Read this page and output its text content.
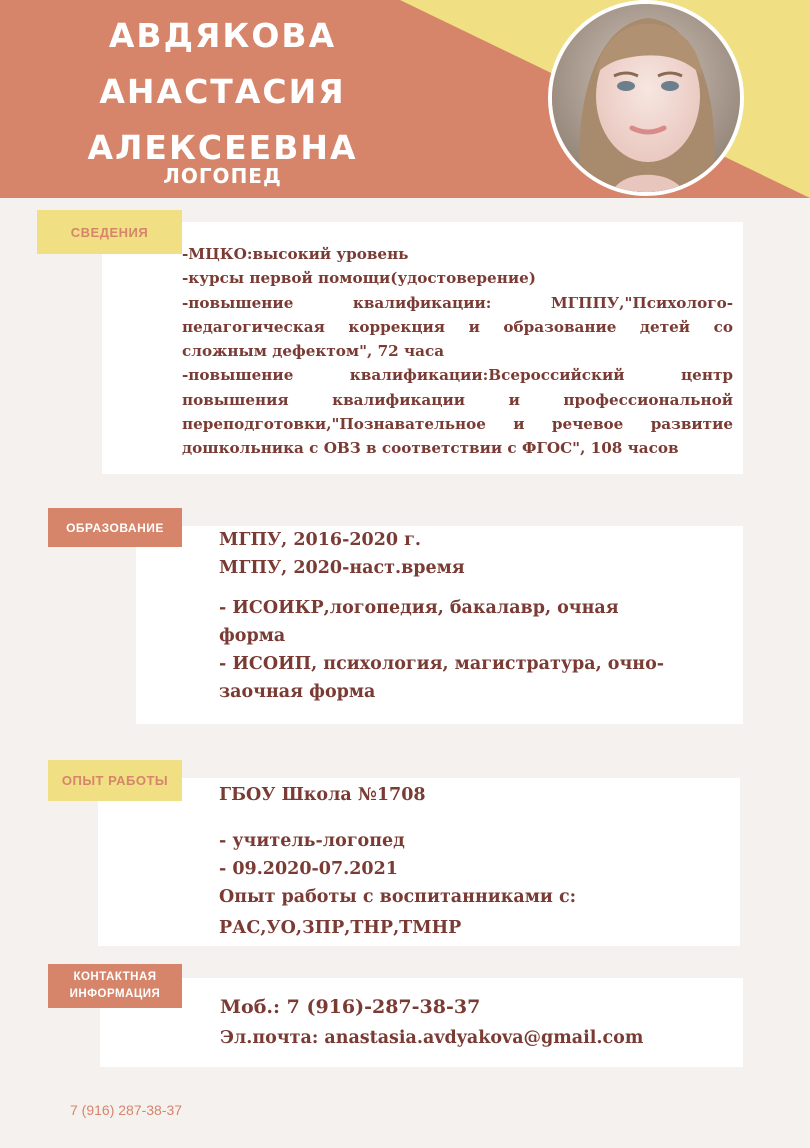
АВДЯКОВА
АНАСТАСИЯ
АЛЕКСЕЕВНА
ЛОГОПЕД
-МЦКО:высокий уровень
-курсы первой помощи(удостоверение)
-повышение квалификации: МГППУ,"Психолого-
педагогическая коррекция и образование детей со
сложным дефектом", 72 часа
-повышение квалификации:Всероссийский центр
повышения квалификации и профессиональной
переподготовки,"Познавательное и речевое развитие
дошкольника с ОВЗ в соответствии с ФГОС", 108 часов
СВЕДЕНИЯ
МГПУ, 2016-2020 г.
МГПУ, 2020-наст.время
- ИСОИКР,логопедия, бакалавр, очная
форма
- ИСОИП, психология, магистратура, очно-
заочная форма
ОБРАЗОВАНИЕ
ГБОУ Школа №1708
- учитель-логопед
- 09.2020-07.2021
Опыт работы с воспитанниками с:
РАС,УО,ЗПР,ТНР,ТМНР
ОПЫТ РАБОТЫ
Моб.: 7 (916)-287-38-37
Эл.почта: anastasia.avdyakova@gmail.com
КОНТАКТНАЯ
ИНФОРМАЦИЯ
7 (916) 287-38-37
